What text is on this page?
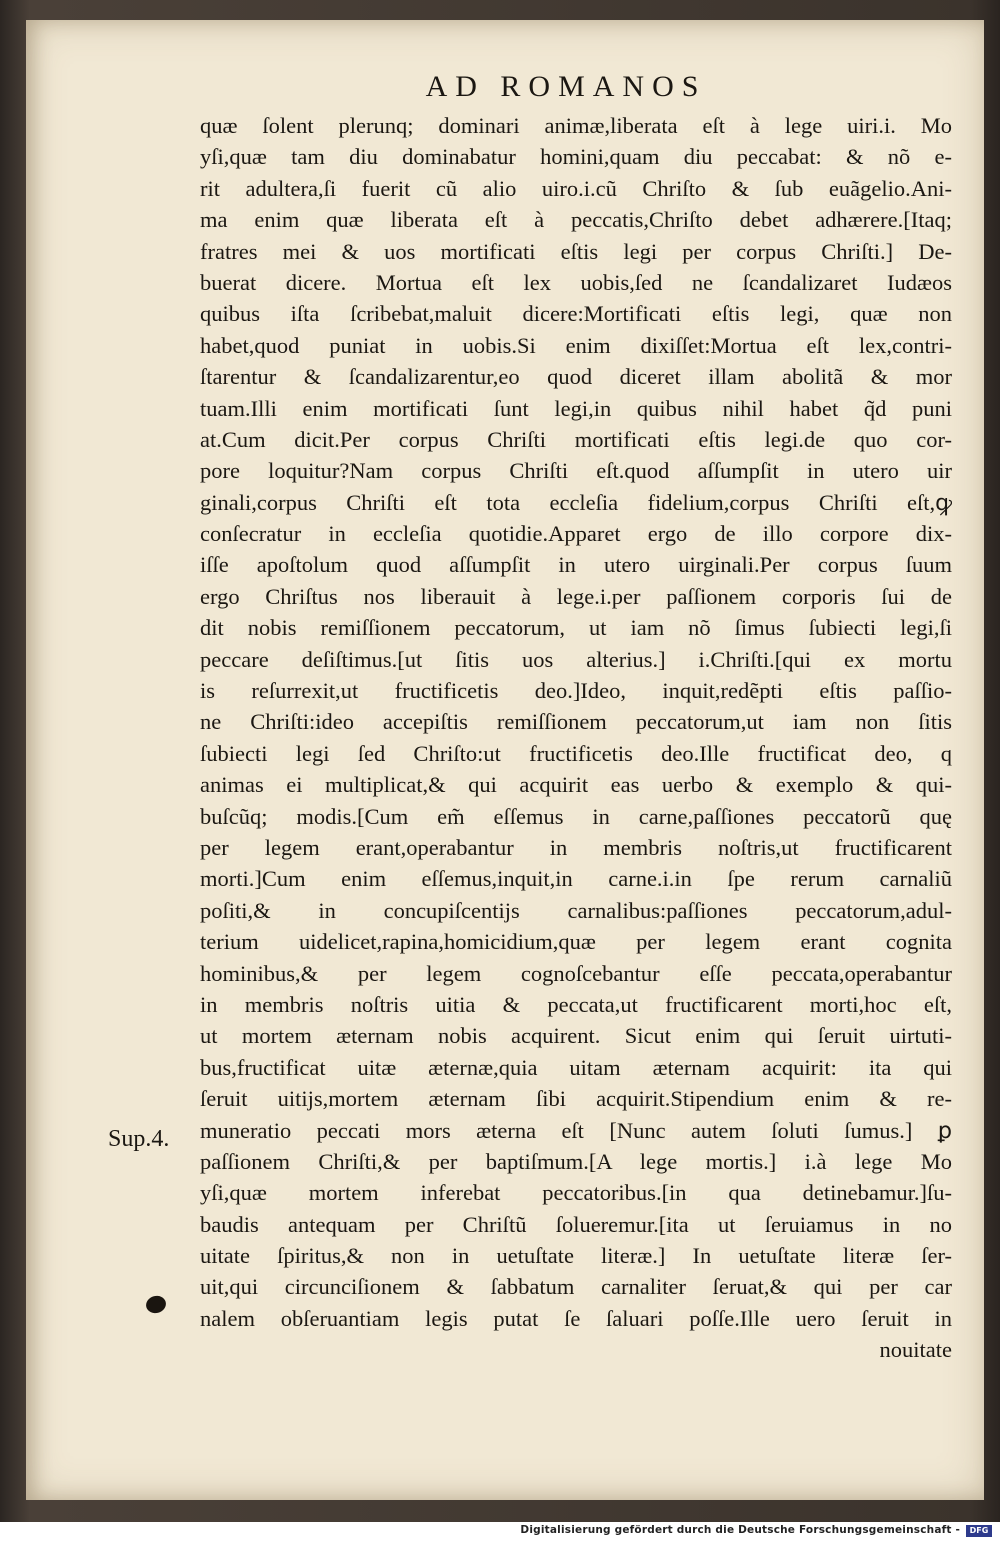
AD ROMANOS
quæ ſolent plerunq; dominari animæ,liberata eſt à lege uiri.i. Mo
yſi,quæ tam diu dominabatur homini,quam diu peccabat: & nõ e-
rit adultera,ſi fuerit cũ alio uiro.i.cũ Chriſto & ſub euãgelio.Ani-
ma enim quæ liberata eſt à peccatis,Chriſto debet adhærere.[Itaq;
fratres mei & uos mortificati eſtis legi per corpus Chriſti.] De-
buerat dicere. Mortua eſt lex uobis,ſed ne ſcandalizaret Iudæos
quibus iſta ſcribebat,maluit dicere:Mortificati eſtis legi, quæ non
habet,quod puniat in uobis.Si enim dixiſſet:Mortua eſt lex,contri-
ſtarentur & ſcandalizarentur,eo quod diceret illam abolitã & mor
tuam.Illi enim mortificati ſunt legi,in quibus nihil habet q̃d puni
at.Cum dicit.Per corpus Chriſti mortificati eſtis legi.de quo cor-
pore loquitur?Nam corpus Chriſti eſt.quod aſſumpſit in utero uir
ginali,corpus Chriſti eſt tota eccleſia fidelium,corpus Chriſti eſt,ꝙ
conſecratur in eccleſia quotidie.Apparet ergo de illo corpore dix-
iſſe apoſtolum quod aſſumpſit in utero uirginali.Per corpus ſuum
ergo Chriſtus nos liberauit à lege.i.per paſſionem corporis ſui de
dit nobis remiſſionem peccatorum, ut iam nõ ſimus ſubiecti legi,ſi
peccare deſiſtimus.[ut ſitis uos alterius.] i.Chriſti.[qui ex mortu
is reſurrexit,ut fructificetis deo.]Ideo, inquit,redẽpti eſtis paſſio-
ne Chriſti:ideo accepiſtis remiſſionem peccatorum,ut iam non ſitis
ſubiecti legi ſed Chriſto:ut fructificetis deo.Ille fructificat deo, q
animas ei multiplicat,& qui acquirit eas uerbo & exemplo & qui-
buſcũq; modis.[Cum em̃ eſſemus in carne,paſſiones peccatorũ quę
per legem erant,operabantur in membris noſtris,ut fructificarent
morti.]Cum enim eſſemus,inquit,in carne.i.in ſpe rerum carnaliũ
poſiti,& in concupiſcentijs carnalibus:paſſiones peccatorum,adul-
terium uidelicet,rapina,homicidium,quæ per legem erant cognita
hominibus,& per legem cognoſcebantur eſſe peccata,operabantur
in membris noſtris uitia & peccata,ut fructificarent morti,hoc eſt,
ut mortem æternam nobis acquirent. Sicut enim qui ſeruit uirtuti-
bus,fructificat uitæ æternæ,quia uitam æternam acquirit: ita qui
ſeruit uitijs,mortem æternam ſibi acquirit.Stipendium enim & re-
muneratio peccati mors æterna eſt [Nunc autem ſoluti ſumus.] ꝑ
paſſionem Chriſti,& per baptiſmum.[A lege mortis.] i.à lege Mo
yſi,quæ mortem inferebat peccatoribus.[in qua detinebamur.]ſu-
baudis antequam per Chriſtũ ſolueremur.[ita ut ſeruiamus in no
uitate ſpiritus,& non in uetuſtate literæ.] In uetuſtate literæ ſer-
uit,qui circunciſionem & ſabbatum carnaliter ſeruat,& qui per car
nalem obſeruantiam legis putat ſe ſaluari poſſe.Ille uero ſeruit in
nouitate
Sup.4.
Digitalisierung gefördert durch die Deutsche Forschungsgemeinschaft -	DFG
